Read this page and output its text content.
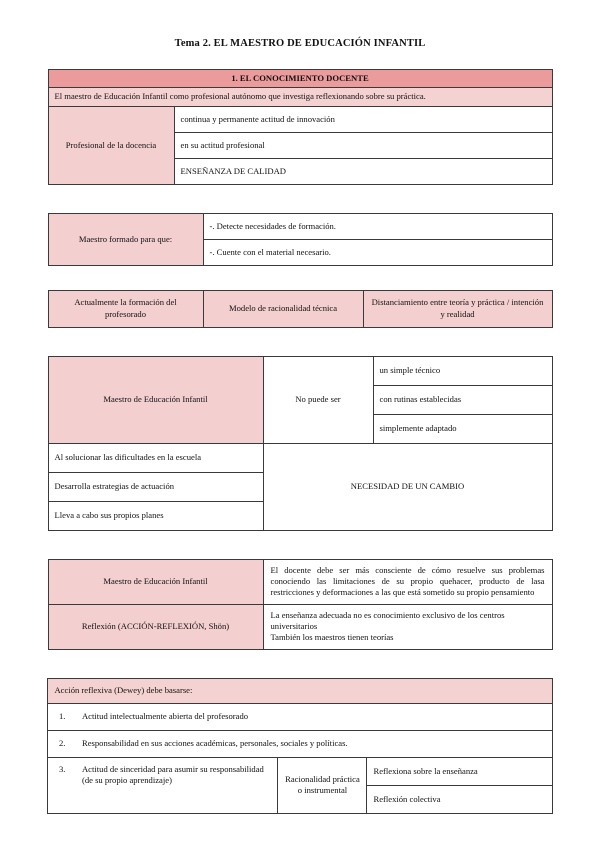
Tema 2. EL MAESTRO DE EDUCACIÓN INFANTIL
1. EL CONOCIMIENTO DOCENTE
El maestro de Educación Infantil como profesional autónomo que investiga reflexionando sobre su práctica.
Profesional de la docencia	continua y permanente actitud de innovación
en su actitud profesional
ENSEÑANZA DE CALIDAD
Maestro formado para que:	-. Detecte necesidades de formación.
-. Cuente con el material necesario.
Actualmente la formación del profesorado	Modelo de racionalidad técnica	Distanciamiento entre teoría y práctica / intención y realidad
Maestro de Educación Infantil	No puede ser	un simple técnico
		con rutinas establecidas
		simplemente adaptado
Al solucionar las dificultades en la escuela	NECESIDAD DE UN CAMBIO	
Desarrolla estrategias de actuación		
Lleva a cabo sus propios planes		
Maestro de Educación Infantil	El docente debe ser más consciente de cómo resuelve sus problemas conociendo las limitaciones de su propio quehacer, producto de lasa restricciones y deformaciones a las que está sometido su propio pensamiento
Reflexión (ACCIÓN-REFLEXIÓN, Shön)	La enseñanza adecuada no es conocimiento exclusivo de los centros universitarios
También los maestros tienen teorías
Acción reflexiva (Dewey) debe basarse:			
1.	Actitud intelectualmente abierta del profesorado		
2.	Responsabilidad en sus acciones académicas, personales, sociales y políticas.		
3.	Actitud de sinceridad para asumir su responsabilidad (de su propio aprendizaje)	Racionalidad práctica o instrumental	Reflexiona sobre la enseñanza
			Reflexión colectiva
